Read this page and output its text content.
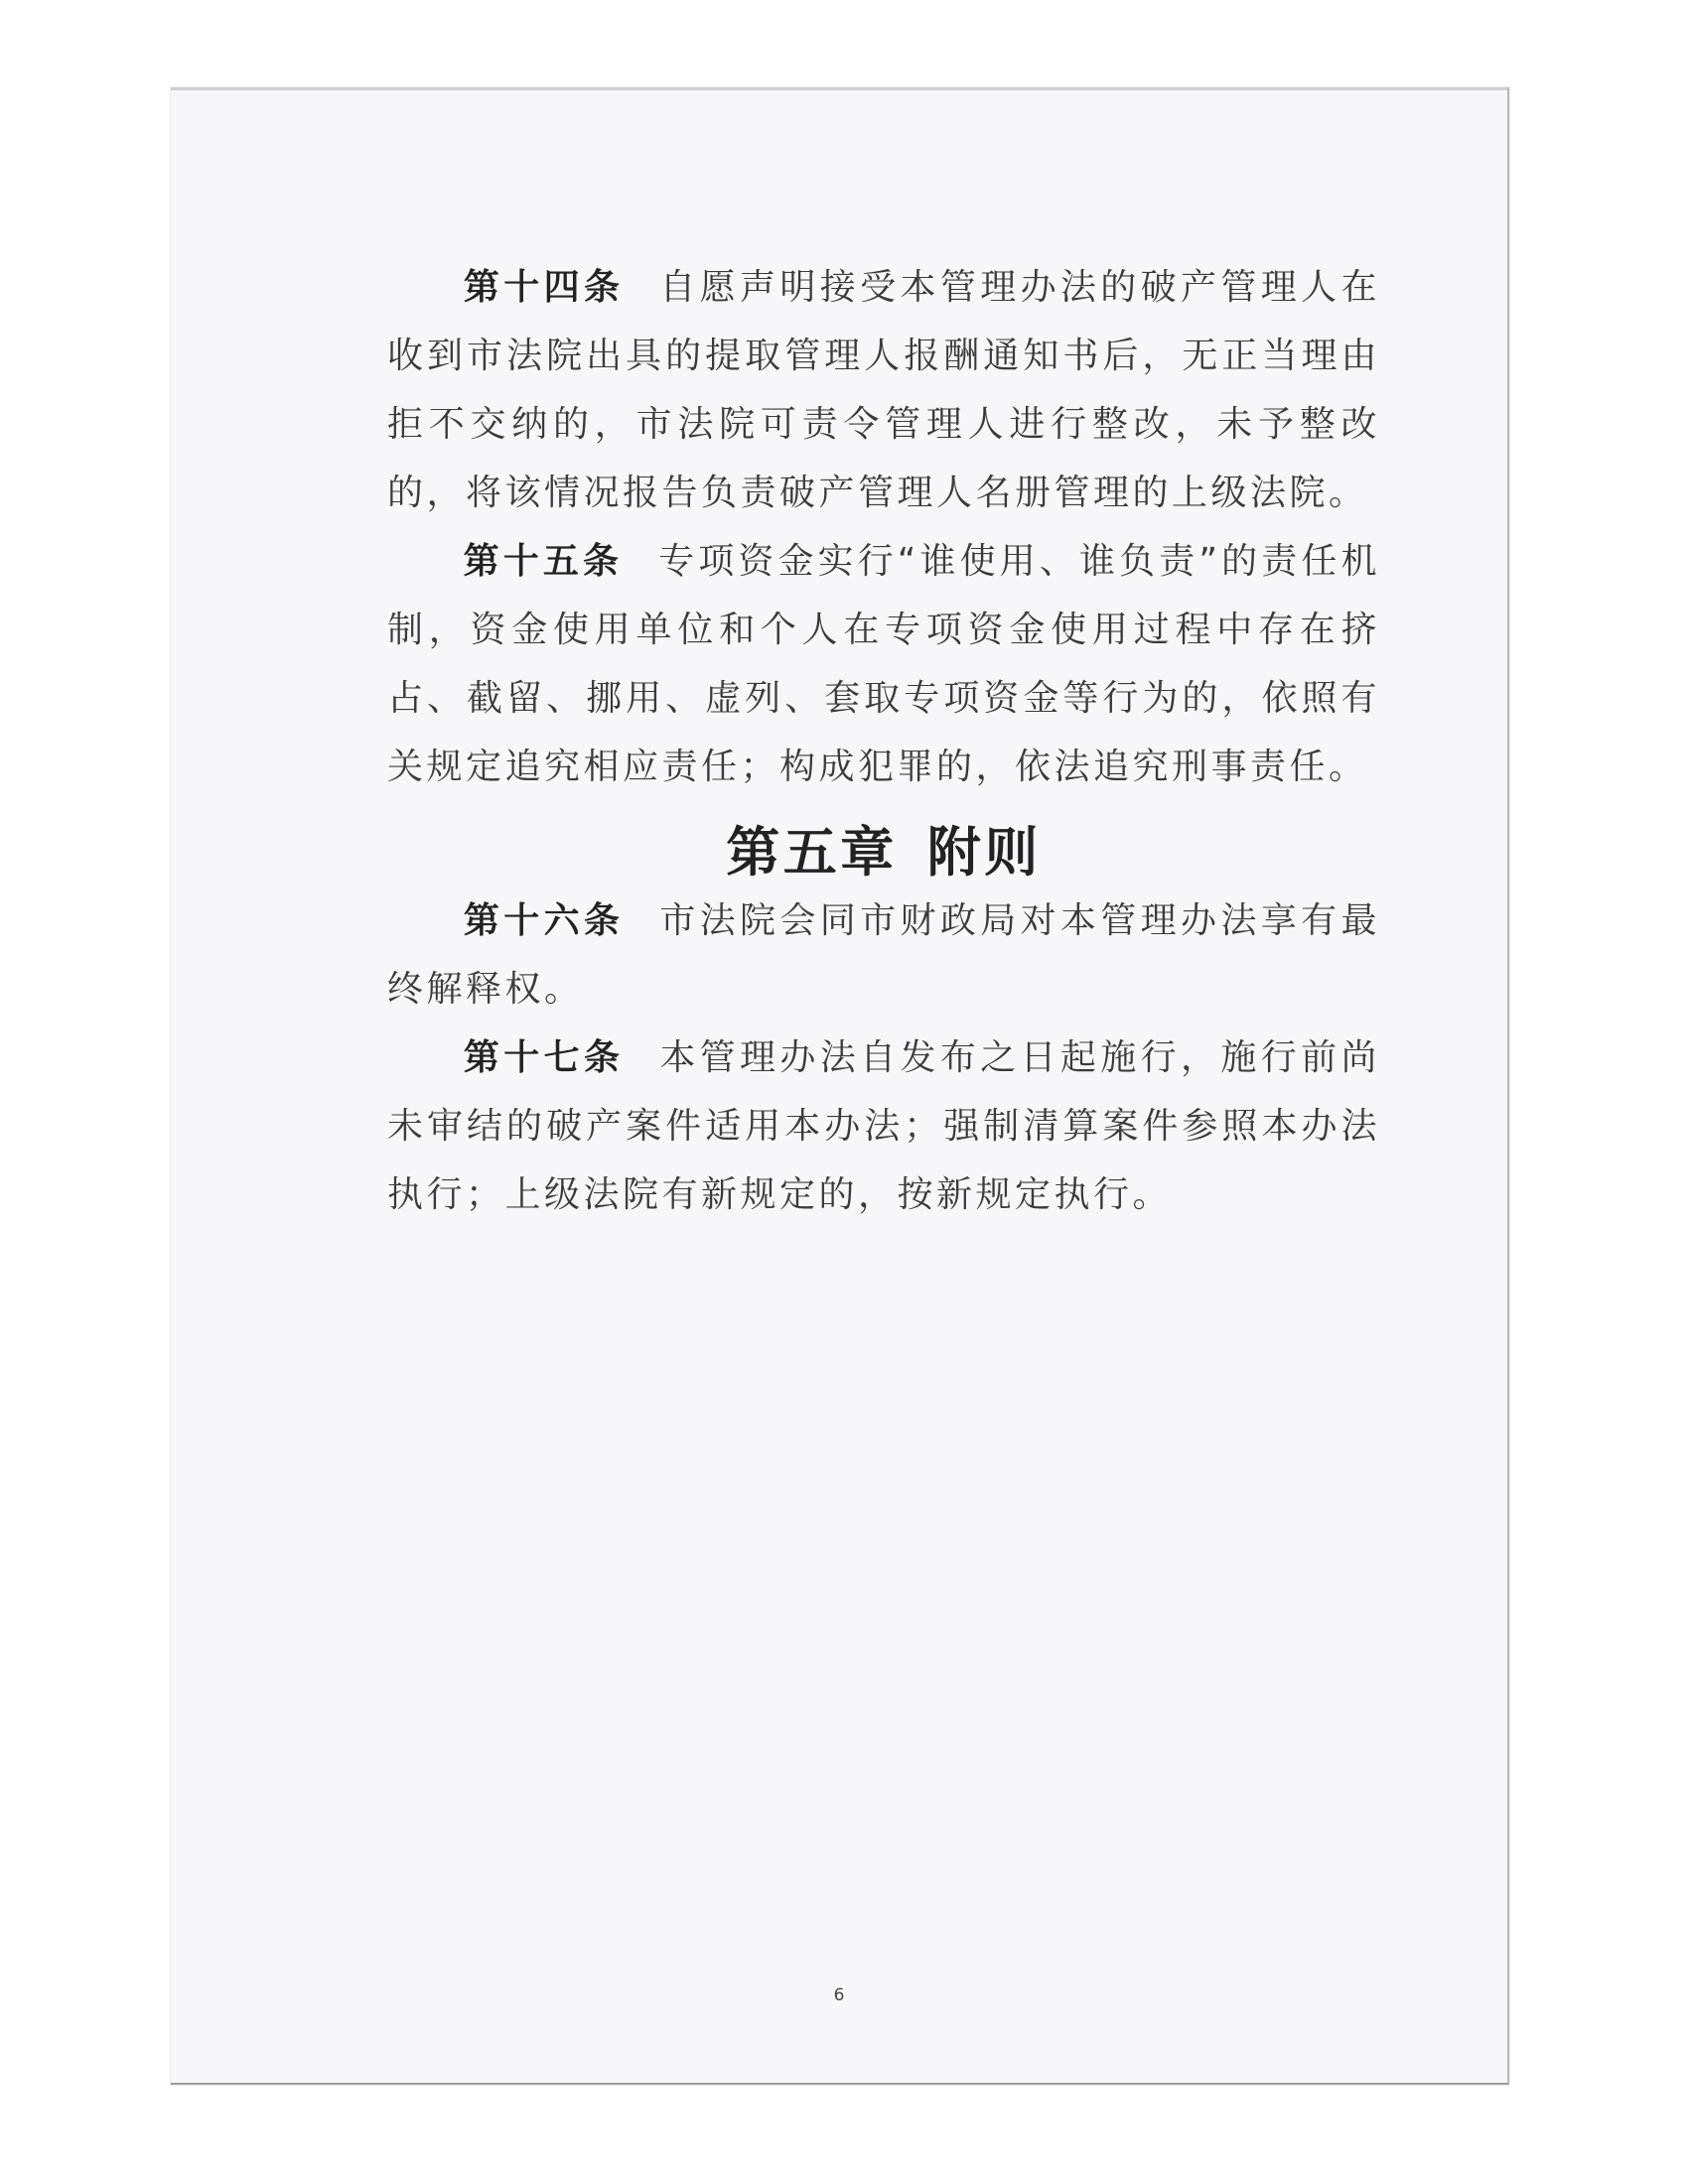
第十四条 自愿声明接受本管理办法的破产管理人在收到市法院出具的提取管理人报酬通知书后，无正当理由拒不交纳的，市法院可责令管理人进行整改，未予整改的，将该情况报告负责破产管理人名册管理的上级法院。

第十五条 专项资金实行“谁使用、谁负责”的责任机制，资金使用单位和个人在专项资金使用过程中存在挤占、截留、挪用、虚列、套取专项资金等行为的，依照有关规定追究相应责任；构成犯罪的，依法追究刑事责任。

第五章 附则

第十六条 市法院会同市财政局对本管理办法享有最终解释权。

第十七条 本管理办法自发布之日起施行，施行前尚未审结的破产案件适用本办法；强制清算案件参照本办法执行；上级法院有新规定的，按新规定执行。

6
